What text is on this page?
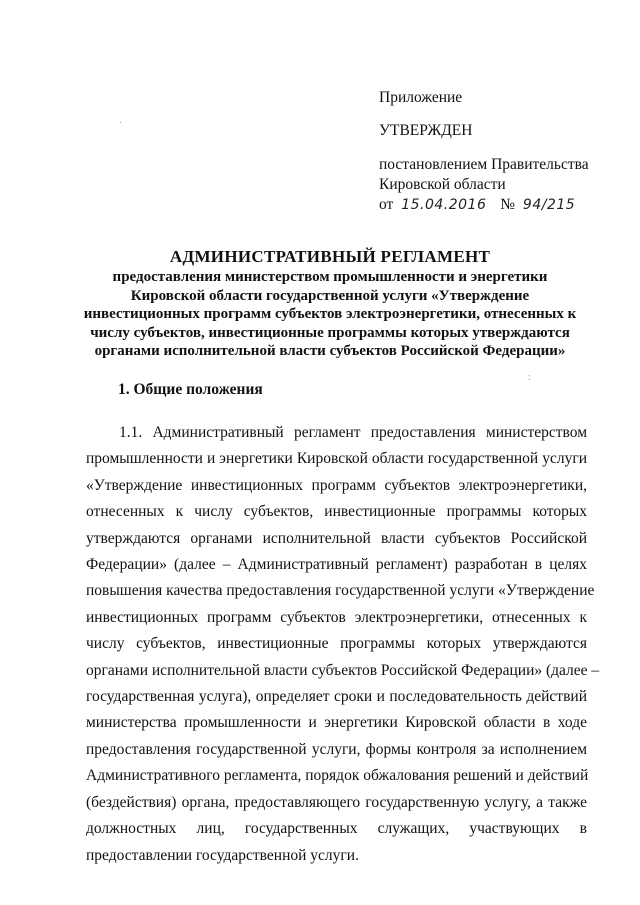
Приложение
УТВЕРЖДЕН
постановлением Правительства
Кировской области
от 15.04.2016 № 94/215
АДМИНИСТРАТИВНЫЙ РЕГЛАМЕНТ
предоставления министерством промышленности и энергетики
Кировской области государственной услуги «Утверждение
инвестиционных программ субъектов электроэнергетики, отнесенных к
числу субъектов, инвестиционные программы которых утверждаются
органами исполнительной власти субъектов Российской Федерации»
1. Общие положения
1.1. Административный регламент предоставления министерством
промышленности и энергетики Кировской области государственной услуги
«Утверждение инвестиционных программ субъектов электроэнергетики,
отнесенных к числу субъектов, инвестиционные программы которых
утверждаются органами исполнительной власти субъектов Российской
Федерации» (далее – Административный регламент) разработан в целях
повышения качества предоставления государственной услуги «Утверждение
инвестиционных программ субъектов электроэнергетики, отнесенных к
числу субъектов, инвестиционные программы которых утверждаются
органами исполнительной власти субъектов Российской Федерации» (далее –
государственная услуга), определяет сроки и последовательность действий
министерства промышленности и энергетики Кировской области в ходе
предоставления государственной услуги, формы контроля за исполнением
Административного регламента, порядок обжалования решений и действий
(бездействия) органа, предоставляющего государственную услугу, а также
должностных лиц, государственных служащих, участвующих в
предоставлении государственной услуги.
·
:
